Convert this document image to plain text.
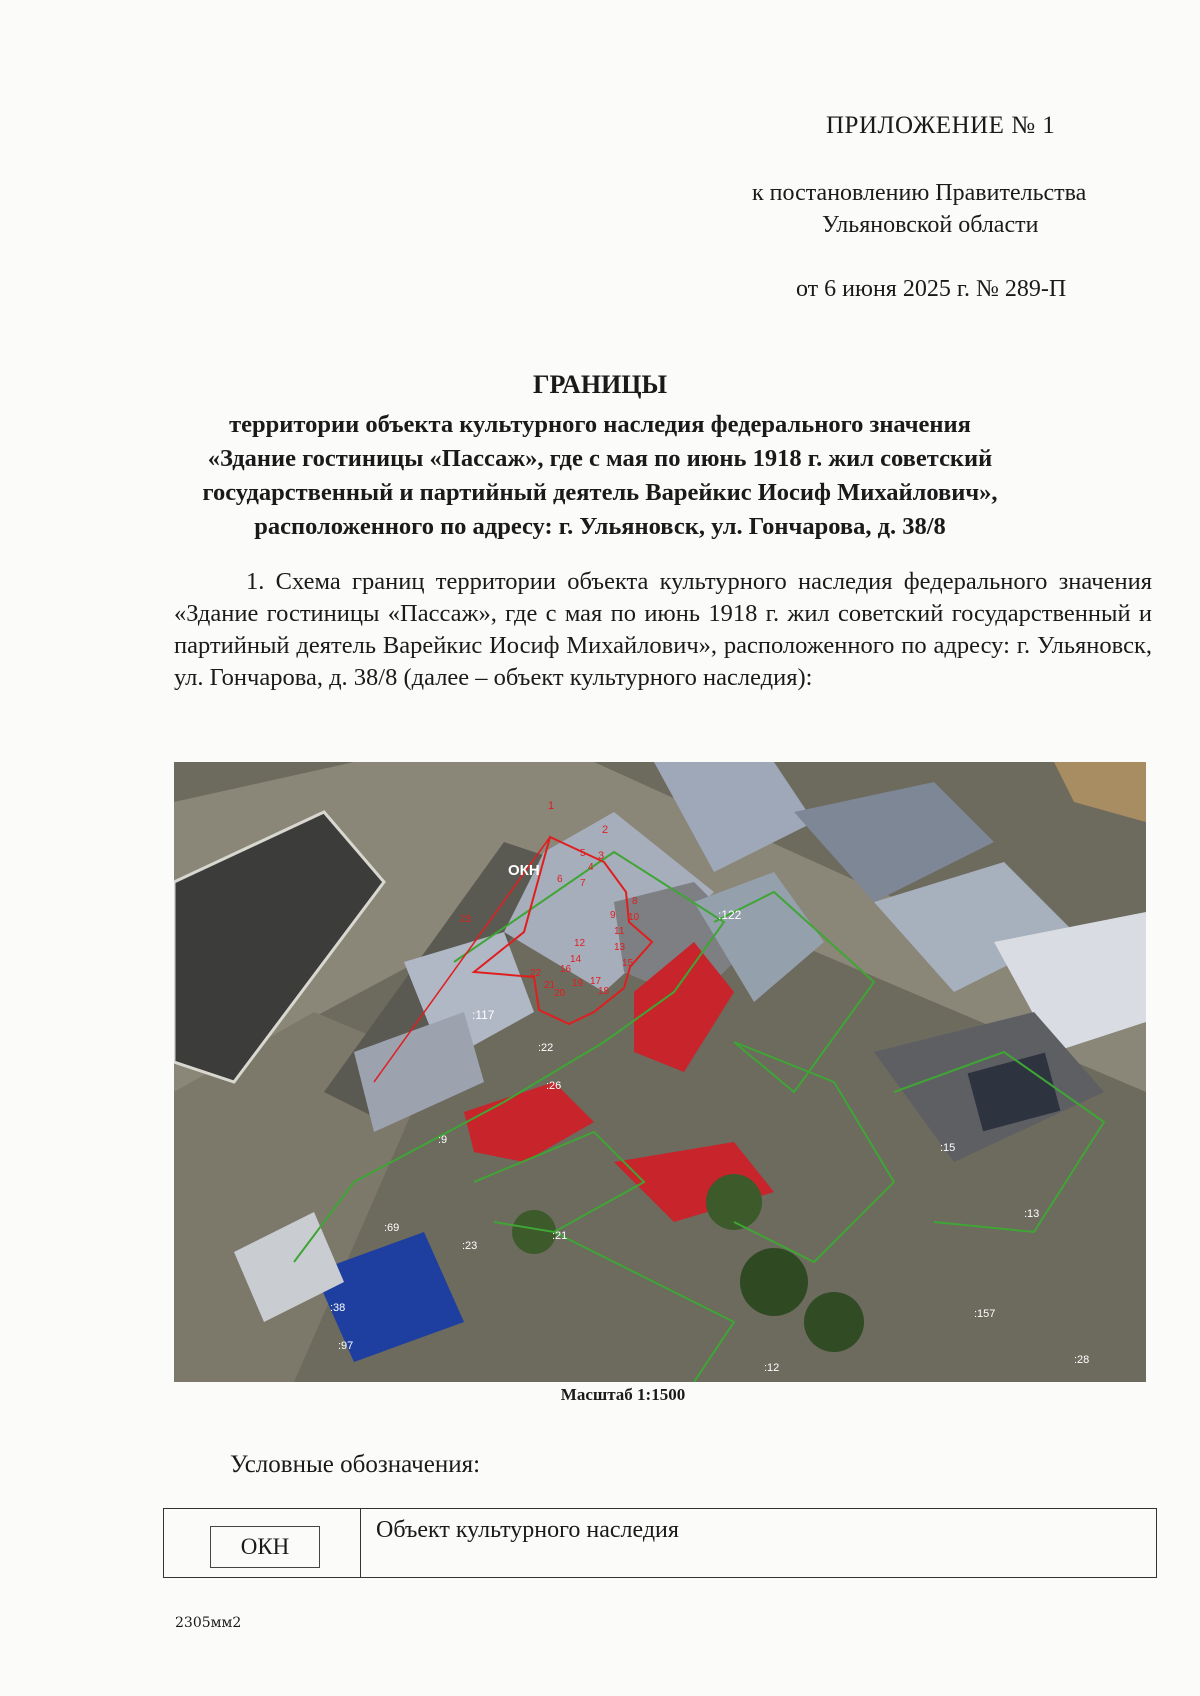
ПРИЛОЖЕНИЕ № 1
к постановлению Правительства
Ульяновской области
от 6 июня 2025 г. № 289-П
ГРАНИЦЫ
территории объекта культурного наследия федерального значения
«Здание гостиницы «Пассаж», где с мая по июнь 1918 г. жил советский
государственный и партийный деятель Варейкис Иосиф Михайлович»,
расположенного по адресу: г. Ульяновск, ул. Гончарова, д. 38/8
1. Схема границ территории объекта культурного наследия федерального значения «Здание гостиницы «Пассаж», где с мая по июнь 1918 г. жил советский государственный и партийный деятель Варейкис Иосиф Михайлович», расположенного по адресу: г. Ульяновск, ул. Гончарова, д. 38/8 (далее – объект культурного наследия):
ОКН
1
2
3
4
5
6 7
8
9 10
11
12	13
14	15
16
17
18
19
20
21
22
23	:122
:117
:22
:26
:9
:21
:23
:69
:15
:13
:157
:97
:38
:12
:28
Масштаб 1:1500
Условные обозначения:
ОКН
Объект культурного наследия
2305мм2
